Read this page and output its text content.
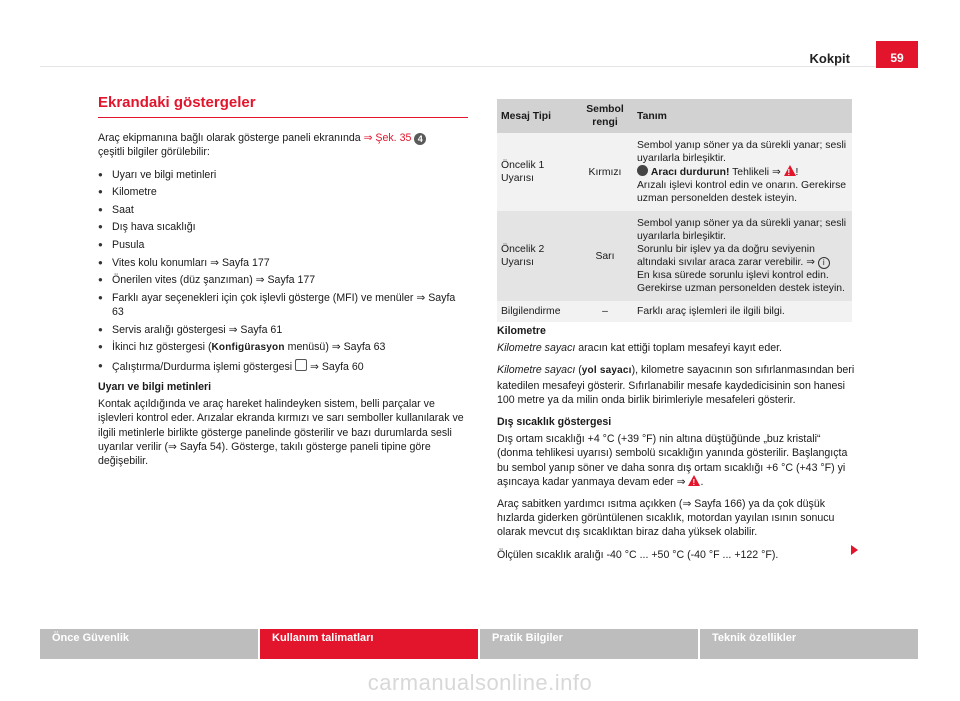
Kokpit	59
Ekrandaki göstergeler

Araç ekipmanına bağlı olarak gösterge paneli ekranında ⇒ Şek. 35 4
çeşitli bilgiler görülebilir:

● Uyarı ve bilgi metinleri
● Kilometre
● Saat
● Dış hava sıcaklığı
● Pusula
● Vites kolu konumları ⇒ Sayfa 177
● Önerilen vites (düz şanzıman) ⇒ Sayfa 177
● Farklı ayar seçenekleri için çok işlevli gösterge (MFI) ve menüler ⇒ Sayfa 63
● Servis aralığı göstergesi ⇒ Sayfa 61
● İkinci hız göstergesi (Konfigürasyon menüsü) ⇒ Sayfa 63
● Çalıştırma/Durdurma işlemi göstergesi  ⇒ Sayfa 60
Uyarı ve bilgi metinleri

Kontak açıldığında ve araç hareket halindeyken sistem, belli parçalar ve işlevleri kontrol eder. Arızalar ekranda kırmızı ve sarı semboller kullanılarak ve ilgili metinlerle birlikte gösterge panelinde gösterilir ve bazı durumlarda sesli uyarılar verilir (⇒ Sayfa 54). Gösterge, takılı gösterge paneli tipine göre değişebilir.

Mesaj Tipi	Sembol rengi	Tanım
Öncelik 1 Uyarısı	Kırmızı	Sembol yanıp söner ya da sürekli yanar; sesli uyarılarla birleşiktir.
Aracı durdurun! Tehlikeli ⇒ !!
Arızalı işlevi kontrol edin ve onarın. Gerekirse uzman personelden destek isteyin.
Öncelik 2 Uyarısı	Sarı	Sembol yanıp söner ya da sürekli yanar; sesli uyarılarla birleşiktir.
Sorunlu bir işlev ya da doğru seviyenin altındaki sıvılar araca zarar verebilir. ⇒ i
En kısa sürede sorunlu işlevi kontrol edin. Gerekirse uzman personelden destek isteyin.
Bilgilendirme	–	Farklı araç işlemleri ile ilgili bilgi.
Kilometre

Kilometre sayacı aracın kat ettiği toplam mesafeyi kayıt eder.

Kilometre sayacı (yol sayacı), kilometre sayacının son sıfırlanmasından beri katedilen mesafeyi gösterir. Sıfırlanabilir mesafe kaydedicisinin son hanesi 100 metre ya da milin onda birlik birimleriyle mesafeleri gösterir.

Dış sıcaklık göstergesi

Dış ortam sıcaklığı +4 °C (+39 °F) nin altına düştüğünde „buz kristali“ (donma tehlikesi uyarısı) sembolü sıcaklığın yanında gösterilir. Başlangıçta bu sembol yanıp söner ve daha sonra dış ortam sıcaklığı +6 °C (+43 °F) yi aşıncaya kadar yanmaya devam eder ⇒ !.

Araç sabitken yardımcı ısıtma açıkken (⇒ Sayfa 166) ya da çok düşük hızlarda giderken görüntülenen sıcaklık, motordan yayılan ısının sonucu olarak mevcut dış sıcaklıktan biraz daha yüksek olabilir.

Ölçülen sıcaklık aralığı -40 °C ... +50 °C (-40 °F ... +122 °F).

Önce Güvenlik	Kullanım talimatları	Pratik Bilgiler	Teknik özellikler
carmanualsonline.info
